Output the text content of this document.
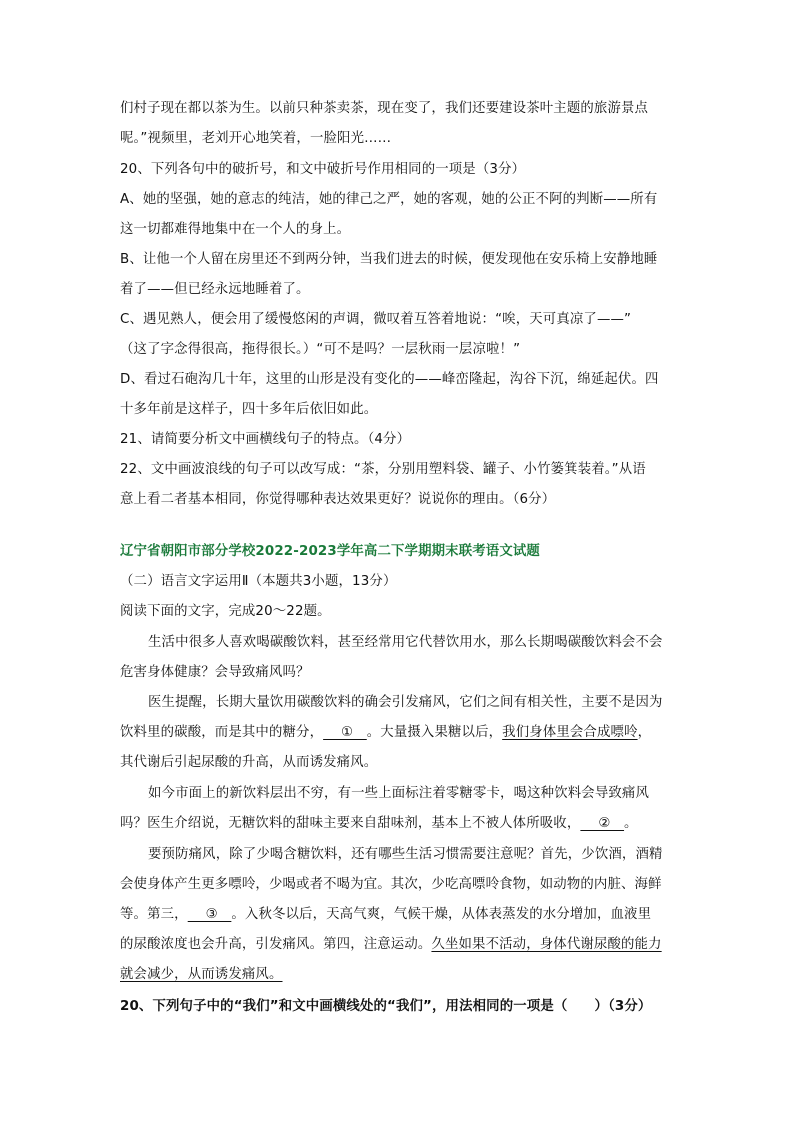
们村子现在都以茶为生。以前只种茶卖茶，现在变了，我们还要建设茶叶主题的旅游景点
呢。”视频里，老刘开心地笑着，一脸阳光……
20、下列各句中的破折号，和文中破折号作用相同的一项是（3分）
A、她的坚强，她的意志的纯洁，她的律己之严，她的客观，她的公正不阿的判断——所有
这一切都难得地集中在一个人的身上。
B、让他一个人留在房里还不到两分钟，当我们进去的时候，便发现他在安乐椅上安静地睡
着了——但已经永远地睡着了。
C、遇见熟人，便会用了缓慢悠闲的声调，微叹着互答着地说：“唉，天可真凉了——”
（这了字念得很高，拖得很长。）“可不是吗？一层秋雨一层凉啦！”
D、看过石砲沟几十年，这里的山形是没有变化的——峰峦隆起，沟谷下沉，绵延起伏。四
十多年前是这样子，四十多年后依旧如此。
21、请简要分析文中画横线句子的特点。（4分）
22、文中画波浪线的句子可以改写成：“茶，分别用塑料袋、罐子、小竹篓箕装着。”从语
意上看二者基本相同，你觉得哪种表达效果更好？说说你的理由。（6分）
辽宁省朝阳市部分学校2022-2023学年高二下学期期末联考语文试题
（二）语言文字运用Ⅱ（本题共3小题，13分）
阅读下面的文字，完成20～22题。
生活中很多人喜欢喝碳酸饮料，甚至经常用它代替饮用水，那么长期喝碳酸饮料会不会
危害身体健康？会导致痛风吗？
医生提醒，长期大量饮用碳酸饮料的确会引发痛风，它们之间有相关性，主要不是因为
饮料里的碳酸，而是其中的糖分，　 ①　。大量摄入果糖以后，我们身体里会合成嘌呤，
其代谢后引起尿酸的升高，从而诱发痛风。
如今市面上的新饮料层出不穷，有一些上面标注着零糖零卡，喝这种饮料会导致痛风
吗？医生介绍说，无糖饮料的甜味主要来自甜味剂，基本上不被人体所吸收，　 ②　。
要预防痛风，除了少喝含糖饮料，还有哪些生活习惯需要注意呢？首先，少饮酒，酒精
会使身体产生更多嘌呤，少喝或者不喝为宜。其次，少吃高嘌呤食物，如动物的内脏、海鲜
等。第三，　 ③　。入秋冬以后，天高气爽，气候干燥，从体表蒸发的水分增加，血液里
的尿酸浓度也会升高，引发痛风。第四，注意运动。久坐如果不活动，身体代谢尿酸的能力
就会减少，从而诱发痛风。
20、下列句子中的“我们”和文中画横线处的“我们”，用法相同的一项是（　　）（3分）
